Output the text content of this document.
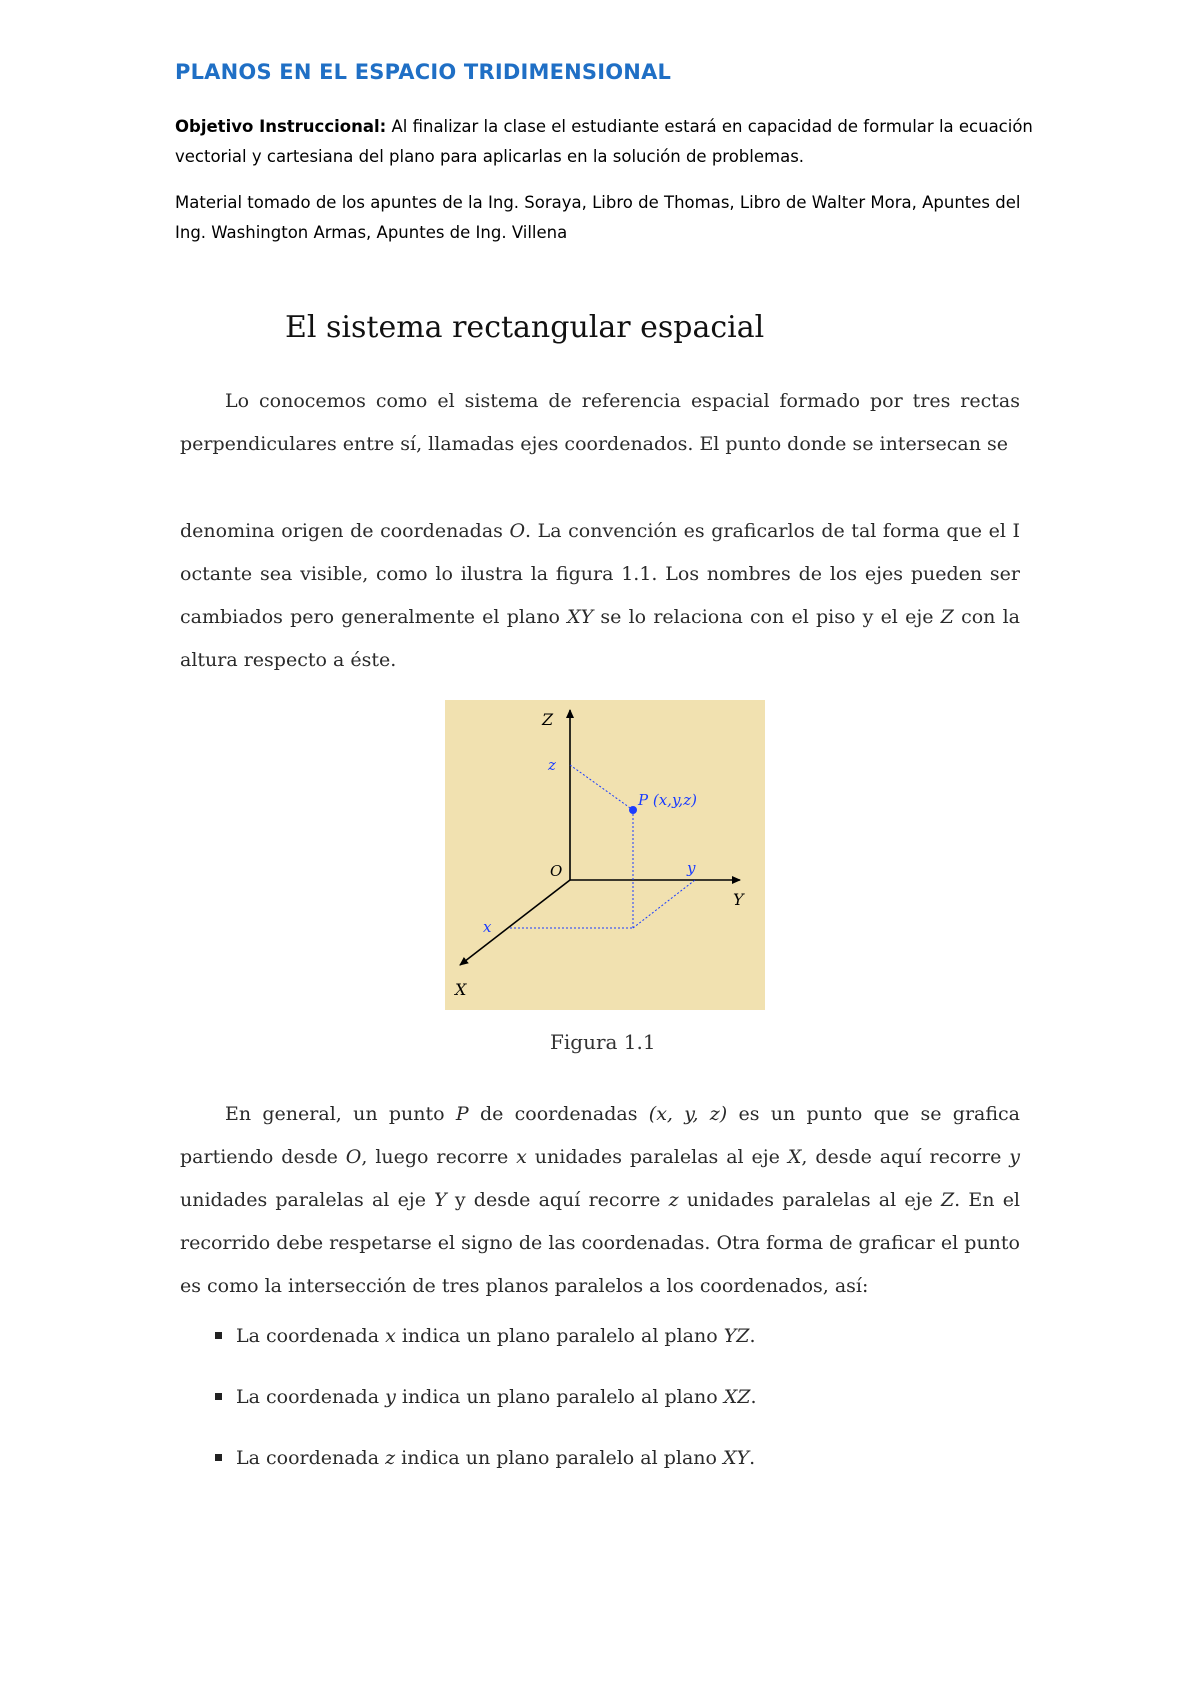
PLANOS EN EL ESPACIO TRIDIMENSIONAL
Objetivo Instruccional: Al finalizar la clase el estudiante estará en capacidad de formular la ecuación vectorial y cartesiana del plano para aplicarlas en la solución de problemas.
Material tomado de los apuntes de la Ing. Soraya, Libro de Thomas, Libro de Walter Mora, Apuntes del Ing. Washington Armas, Apuntes de Ing. Villena
El sistema rectangular espacial
Lo conocemos como el sistema de referencia espacial formado por tres rectas perpendiculares entre sí, llamadas ejes coordenados. El punto donde se intersecan se
denomina origen de coordenadas O. La convención es graficarlos de tal forma que el I octante sea visible, como lo ilustra la figura 1.1. Los nombres de los ejes pueden ser cambiados pero generalmente el plano XY se lo relaciona con el piso y el eje Z con la altura respecto a éste.
Z
z
P (x,y,z)
O	y
Y
x
X
Figura 1.1
En general, un punto P de coordenadas (x, y, z) es un punto que se grafica partiendo desde O, luego recorre x unidades paralelas al eje X, desde aquí recorre y unidades paralelas al eje Y y desde aquí recorre z unidades paralelas al eje Z. En el recorrido debe respetarse el signo de las coordenadas. Otra forma de graficar el punto es como la intersección de tres planos paralelos a los coordenados, así:
La coordenada x indica un plano paralelo al plano YZ.
La coordenada y indica un plano paralelo al plano XZ.
La coordenada z indica un plano paralelo al plano XY.
